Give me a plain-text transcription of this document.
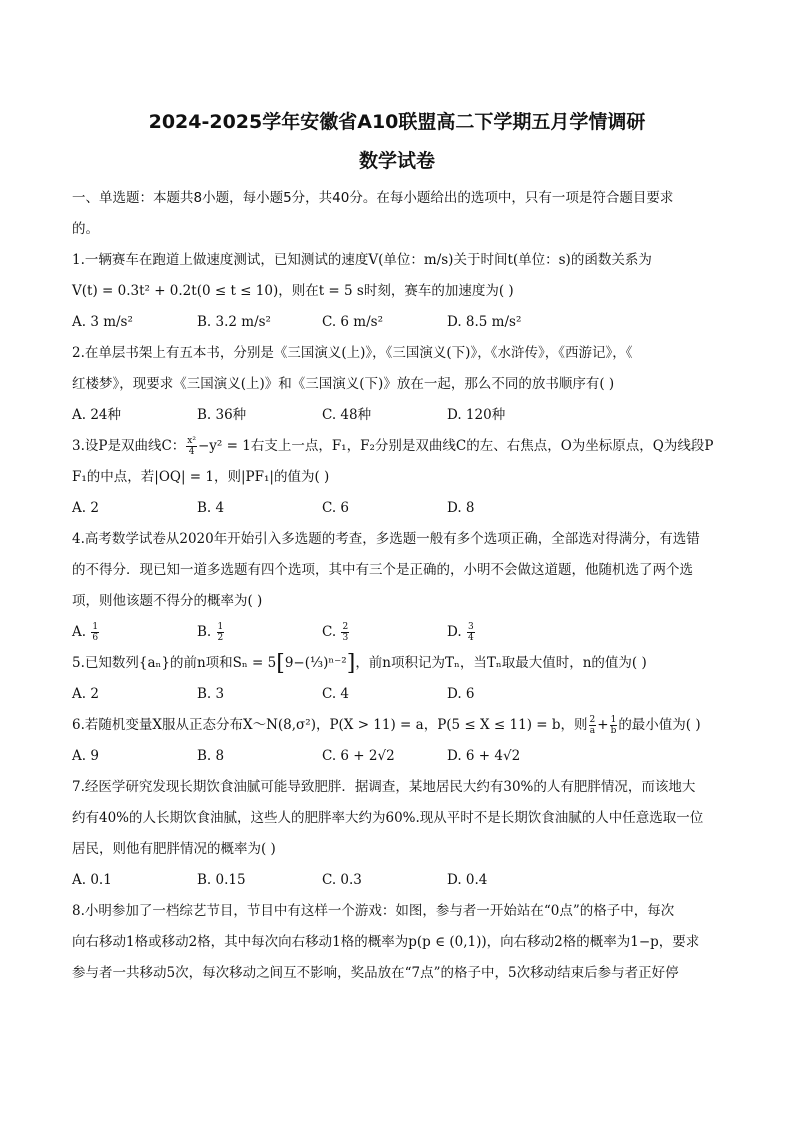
2024-2025学年安徽省A10联盟高二下学期五月学情调研
数学试卷
一、单选题：本题共8小题，每小题5分，共40分。在每小题给出的选项中，只有一项是符合题目要求
的。
1.一辆赛车在跑道上做速度测试，已知测试的速度V(单位：m/s)关于时间t(单位：s)的函数关系为
V(t) = 0.3t² + 0.2t(0 ≤ t ≤ 10)，则在t = 5 s时刻，赛车的加速度为( )
A. 3 m/s²	B. 3.2 m/s²	C. 6 m/s²	D. 8.5 m/s²
2.在单层书架上有五本书，分别是《三国演义(上)》，《三国演义(下)》，《水浒传》，《西游记》，《
红楼梦》，现要求《三国演义(上)》和《三国演义(下)》放在一起，那么不同的放书顺序有( )
A. 24种	B. 36种	C. 48种	D. 120种
3.设P是双曲线C： $\frac{\text{x²}}{4} -y^2 = 1$右支上一点，F₁，F₂分别是双曲线C的左、右焦点，O为坐标原点，Q为线段P
F₁的中点，若|OQ| = 1，则|PF₁|的值为( )
A. 2	B. 4	C. 6	D. 8
4.高考数学试卷从2020年开始引入多选题的考查，多选题一般有多个选项正确，全部选对得满分，有选错
的不得分．现已知一道多选题有四个选项，其中有三个是正确的，小明不会做这道题，他随机选了两个选
项，则他该题不得分的概率为( )
A. $\frac{1}{6}$	B. $\frac{1}{2}$	C. $\frac{2}{3}$	D. $\frac{3}{4}$
5.已知数列{aₙ}的前n项和Sₙ = 5[9−(⅓)ⁿ⁻²]，前n项积记为Tₙ，当Tₙ取最大值时，n的值为( )
A. 2	B. 3	C. 4	D. 6
6.若随机变量X服从正态分布X～N(8,σ²)，P(X > 11) = a，P(5 ≤ X ≤ 11) = b，则 $\frac{2}{a} + \frac{1}{b}$ 的最小值为( )
A. 9	B. 8	C. 6 + 2√2	D. 6 + 4√2
7.经医学研究发现长期饮食油腻可能导致肥胖．据调查，某地居民大约有30%的人有肥胖情况，而该地大
约有40%的人长期饮食油腻，这些人的肥胖率大约为60%.现从平时不是长期饮食油腻的人中任意选取一位
居民，则他有肥胖情况的概率为( )
A. 0.1	B. 0.15	C. 0.3	D. 0.4
8.小明参加了一档综艺节目，节目中有这样一个游戏：如图，参与者一开始站在“0点”的格子中，每次
向右移动1格或移动2格，其中每次向右移动1格的概率为p(p ∈ (0,1))，向右移动2格的概率为1−p，要求
参与者一共移动5次，每次移动之间互不影响，奖品放在“7点”的格子中，5次移动结束后参与者正好停
